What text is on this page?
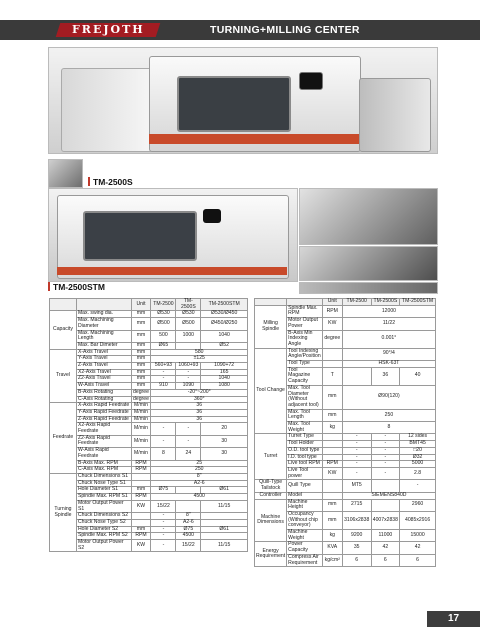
FREJOTH	TURNING+MILLING CENTER
TM-2500S
TM-2500STM
		Unit	TM-2500	TM-2500S	TM-2500STM
Capacity	Max. swing dia.	mm	Ø530	Ø530	Ø530/Ø450
	Max. Machining Diameter	mm	Ø500	Ø500	Ø450/Ø250
	Max. Machining Length	mm	500	1000	1040
	Max. Bar Dimeter	mm	Ø65		Ø52
Travel	X-Axis Travel	mm	580		
	Y-Axis Travel	mm	±125		
	Z-Axis Travel	mm	560+93	1060+93	1090+72
	X2-Axis Travel	mm	-	-	165
	Z2-Axis Travel	mm	-	-	1040
	W-Axis Travel	mm	910	1090	1080
	B-Axis Rotating	degree	-20°~200°		
	C-Axis Rotating	degree	360°		
Feedrate	X-Axis Rapid Feedrate	M/min	36		
	Y-Axis Rapid Feedrate	M/min	36		
	Z-Axis Rapid Feedrate	M/min	36		
	X2-Axis Rapid Feedrate	M/min	-	-	20
	Z2-Axis Rapid Feedrate	M/min	-	-	30
	W-Axis Rapid Feedrate	M/min	8	24	30
	B-Axis Max. RPM	RPM	25		
	C-Axis Max. RPM	RPM	250		
Turning Spindle	Chuck Dimensions S1		8"		
	Chuck Nose Type S1		A2-6		
	Hole Diameter S1	mm	Ø75		Ø61
	Spindle Max. RPM S1	RPM	4500		
	Motor Output Power S1	KW	15/22		11/15
	Chuck Dimensions S2		-	8"	
	Chuck Nose Type S2		-	A2-6	
	Hole Diameter S2	mm	-	Ø75	Ø61
	Spindle Max. RPM S2	RPM	-	4500	
	Motor Output Power S2	KW	-	15/22	11/15
		Unit	TM-2500	TM-2500S	TM-2500STM
Milling Spindle	Spindle Max. RPM	RPM	12000		
	Motor Output Power	KW	11/22		
	B-Axis Min Indexing Angle	degree	0.001°		
Tool Change	Tool Indexing Angle/Position		90°/4		
	Tool Type		HSK-63T		
	Tool Magazine Capacity	T		36	40
	Max. Tool Diameter (Without adjacent tool)	mm	Ø90(120)		
	Max. Tool Length	mm	250		
	Max. Tool Weight	kg	8		
Turret	Turret Type		-	-	12 sides
	Tool Holder		-	-	BMT45
	O.D. tool type		-	-	□20
	I.D. tool type		-	-	Ø32
	Live tool RPM	RPM	-	-	5000
	Live Tool power	KW	-	-	2.8
Quill-Type Tailstock	Quill Type		MT5		-
Controller	Model		SIEMENS840D		
Machine Dimensions	Machine Height	mm	2715		2960
	Occupancy (Without chip conveyor)	mm	3106x2838	4007x2838	4085x2916
	Machine Weight	kg	9200	11000	15000
Energy Requirement	Power Capacity	KVA	35	42	42
	Compress Air Requirement	kg/cm²	6	6	6
17
